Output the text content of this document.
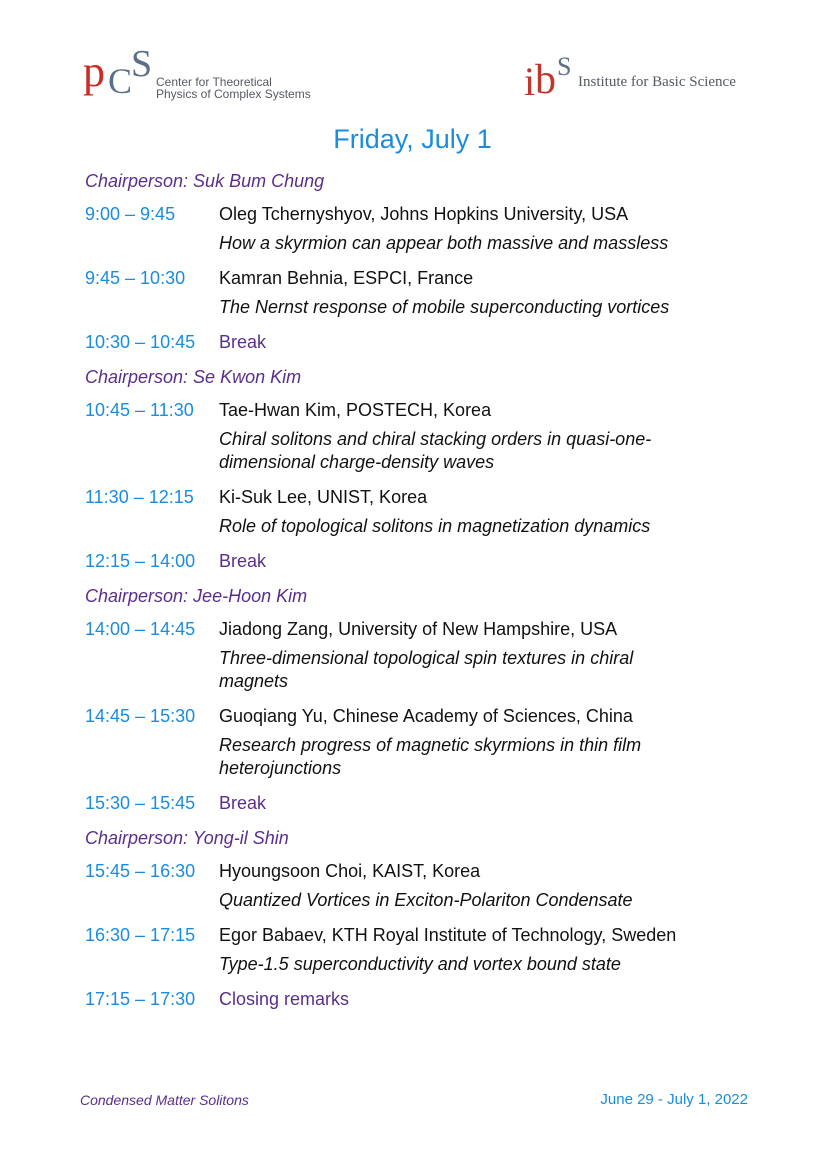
p C
S Center for Theoretical
Physics of Complex Systems	i b S
Institute for Basic Science
Friday, July 1
Chairperson: Suk Bum Chung
9:00 – 9:45	Oleg Tchernyshyov, Johns Hopkins University, USA
How a skyrmion can appear both massive and massless
9:45 – 10:30	Kamran Behnia, ESPCI, France
The Nernst response of mobile superconducting vortices
10:30 – 10:45	Break
Chairperson: Se Kwon Kim
10:45 – 11:30	Tae-Hwan Kim, POSTECH, Korea
Chiral solitons and chiral stacking orders in quasi-one-
dimensional charge-density waves
11:30 – 12:15	Ki-Suk Lee, UNIST, Korea
Role of topological solitons in magnetization dynamics
12:15 – 14:00	Break
Chairperson: Jee-Hoon Kim
14:00 – 14:45	Jiadong Zang, University of New Hampshire, USA
Three-dimensional topological spin textures in chiral
magnets
14:45 – 15:30	Guoqiang Yu, Chinese Academy of Sciences, China
Research progress of magnetic skyrmions in thin film
heterojunctions
15:30 – 15:45	Break
Chairperson: Yong-il Shin
15:45 – 16:30	Hyoungsoon Choi, KAIST, Korea
Quantized Vortices in Exciton-Polariton Condensate
16:30 – 17:15	Egor Babaev, KTH Royal Institute of Technology, Sweden
Type-1.5 superconductivity and vortex bound state
17:15 – 17:30	Closing remarks
Condensed Matter Solitons	June 29 - July 1, 2022
